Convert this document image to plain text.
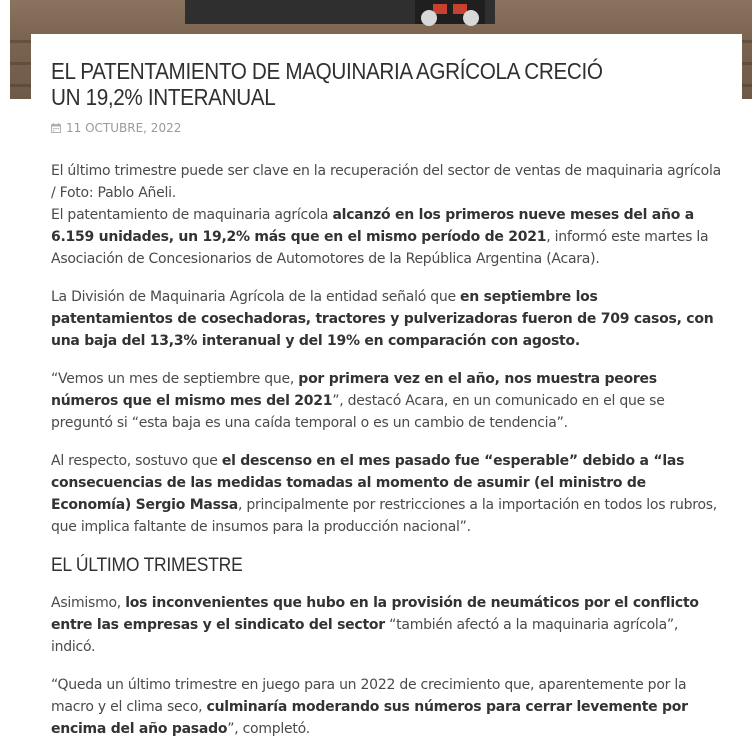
EL PATENTAMIENTO DE MAQUINARIA AGRÍCOLA CRECIÓ UN 19,2% INTERANUAL
11 OCTUBRE, 2022

El último trimestre puede ser clave en la recuperación del sector de ventas de maquinaria agrícola / Foto: Pablo Añeli.
El patentamiento de maquinaria agrícola alcanzó en los primeros nueve meses del año a 6.159 unidades, un 19,2% más que en el mismo período de 2021, informó este martes la Asociación de Concesionarios de Automotores de la República Argentina (Acara).

La División de Maquinaria Agrícola de la entidad señaló que en septiembre los patentamientos de cosechadoras, tractores y pulverizadoras fueron de 709 casos, con una baja del 13,3% interanual y del 19% en comparación con agosto.

“Vemos un mes de septiembre que, por primera vez en el año, nos muestra peores números que el mismo mes del 2021”, destacó Acara, en un comunicado en el que se preguntó si “esta baja es una caída temporal o es un cambio de tendencia”.

Al respecto, sostuvo que el descenso en el mes pasado fue “esperable” debido a “las consecuencias de las medidas tomadas al momento de asumir (el ministro de Economía) Sergio Massa, principalmente por restricciones a la importación en todos los rubros, que implica faltante de insumos para la producción nacional”.

EL ÚLTIMO TRIMESTRE

Asimismo, los inconvenientes que hubo en la provisión de neumáticos por el conflicto entre las empresas y el sindicato del sector “también afectó a la maquinaria agrícola”, indicó.

“Queda un último trimestre en juego para un 2022 de crecimiento que, aparentemente por la macro y el clima seco, culminaría moderando sus números para cerrar levemente por encima del año pasado”, completó.
